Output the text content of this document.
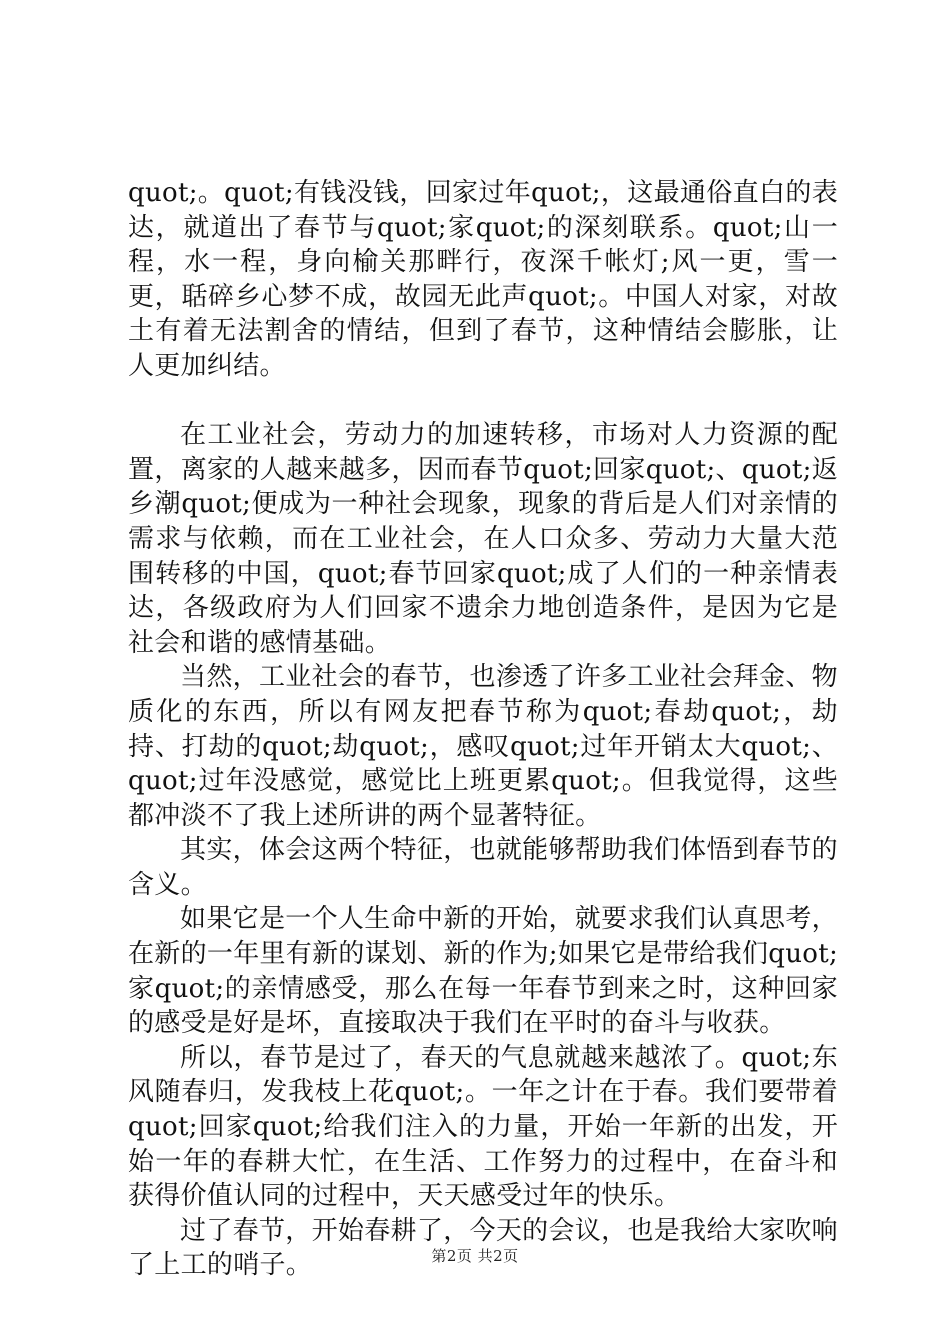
quot;。quot;有钱没钱，回家过年quot;，这最通俗直白的表达，就道出了春节与quot;家quot;的深刻联系。quot;山一程，水一程，身向榆关那畔行，夜深千帐灯;风一更，雪一更，聒碎乡心梦不成，故园无此声quot;。中国人对家，对故土有着无法割舍的情结，但到了春节，这种情结会膨胀，让人更加纠结。

在工业社会，劳动力的加速转移，市场对人力资源的配置，离家的人越来越多，因而春节quot;回家quot;、quot;返乡潮quot;便成为一种社会现象，现象的背后是人们对亲情的需求与依赖，而在工业社会，在人口众多、劳动力大量大范围转移的中国，quot;春节回家quot;成了人们的一种亲情表达，各级政府为人们回家不遗余力地创造条件，是因为它是社会和谐的感情基础。

当然，工业社会的春节，也渗透了许多工业社会拜金、物质化的东西，所以有网友把春节称为quot;春劫quot;，劫持、打劫的quot;劫quot;，感叹quot;过年开销太大quot;、quot;过年没感觉，感觉比上班更累quot;。但我觉得，这些都冲淡不了我上述所讲的两个显著特征。

其实，体会这两个特征，也就能够帮助我们体悟到春节的含义。

如果它是一个人生命中新的开始，就要求我们认真思考，在新的一年里有新的谋划、新的作为;如果它是带给我们quot;家quot;的亲情感受，那么在每一年春节到来之时，这种回家的感受是好是坏，直接取决于我们在平时的奋斗与收获。

所以，春节是过了，春天的气息就越来越浓了。quot;东风随春归，发我枝上花quot;。一年之计在于春。我们要带着quot;回家quot;给我们注入的力量，开始一年新的出发，开始一年的春耕大忙，在生活、工作努力的过程中，在奋斗和获得价值认同的过程中，天天感受过年的快乐。

过了春节，开始春耕了，今天的会议，也是我给大家吹响了上工的哨子。	第2页 共2页
